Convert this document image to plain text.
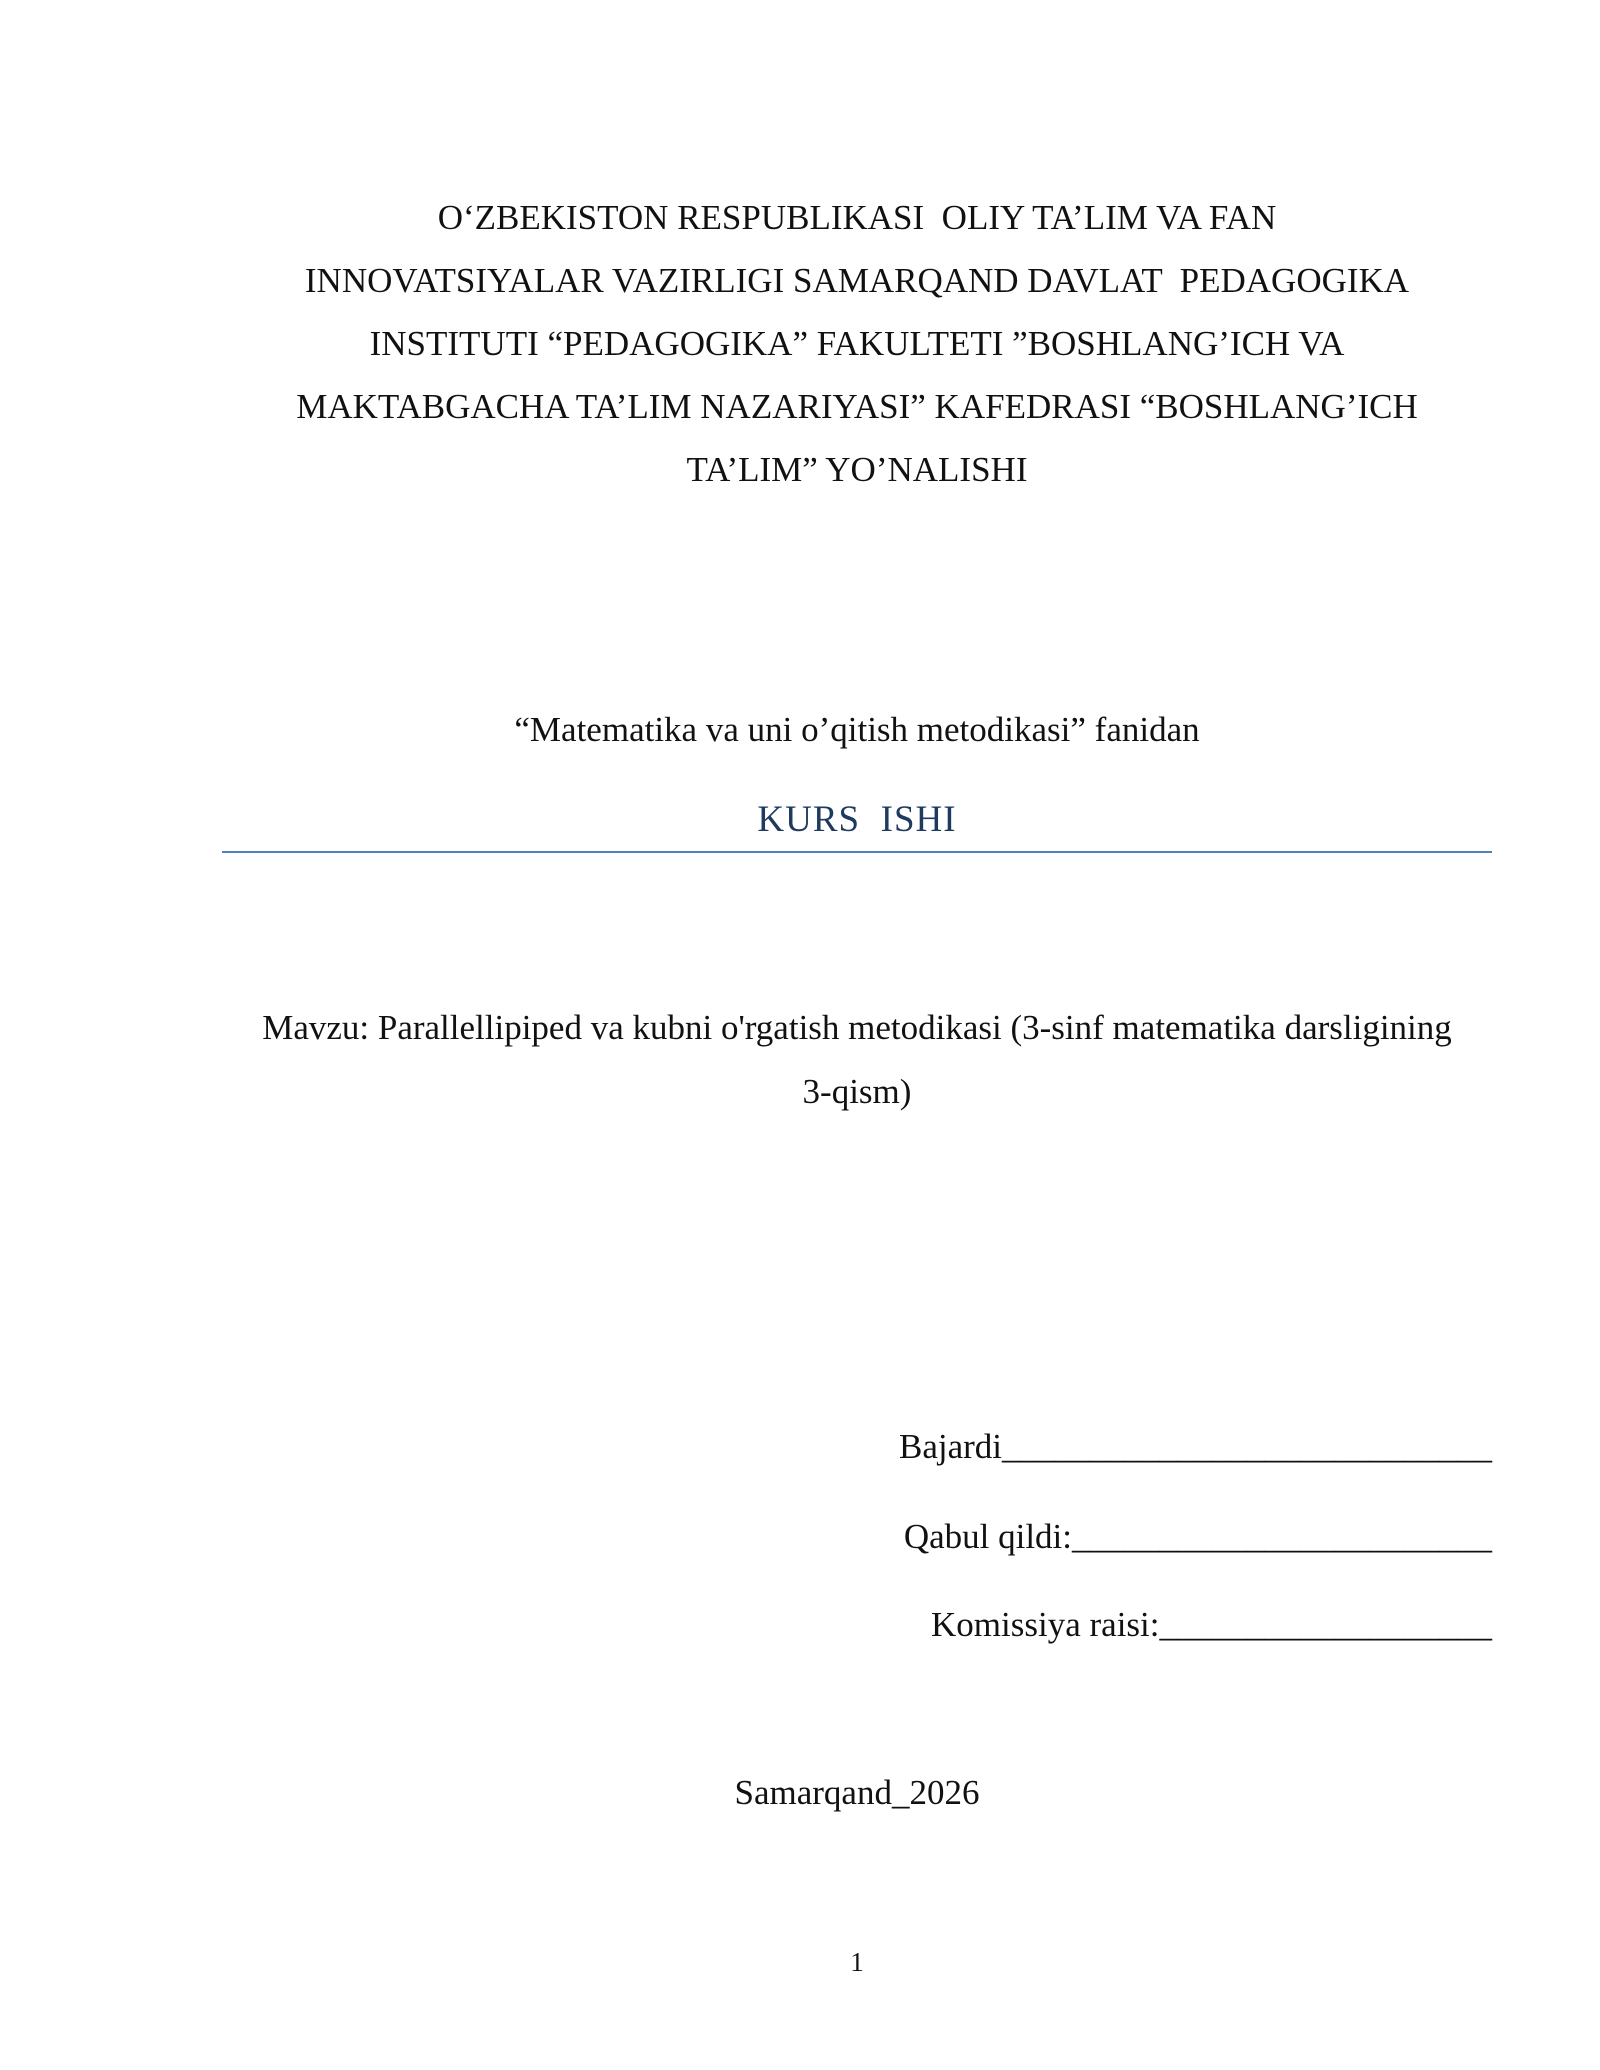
O‘ZBEKISTON RESPUBLIKASI  OLIY TA’LIM VA FAN
INNOVATSIYALAR VAZIRLIGI SAMARQAND DAVLAT  PEDAGOGIKA
INSTITUTI “PEDAGOGIKA” FAKULTETI ”BOSHLANG’ICH VA
MAKTABGACHA TA’LIM NAZARIYASI” KAFEDRASI “BOSHLANG’ICH
TA’LIM” YO’NALISHI
“Matematika va uni o’qitish metodikasi” fanidan
KURS  ISHI
Mavzu: Parallellipiped va kubni o'rgatish metodikasi (3-sinf matematika darsligining
3-qism)
Bajardi____________________________
Qabul qildi:________________________
Komissiya raisi:___________________
Samarqand_2026
1
